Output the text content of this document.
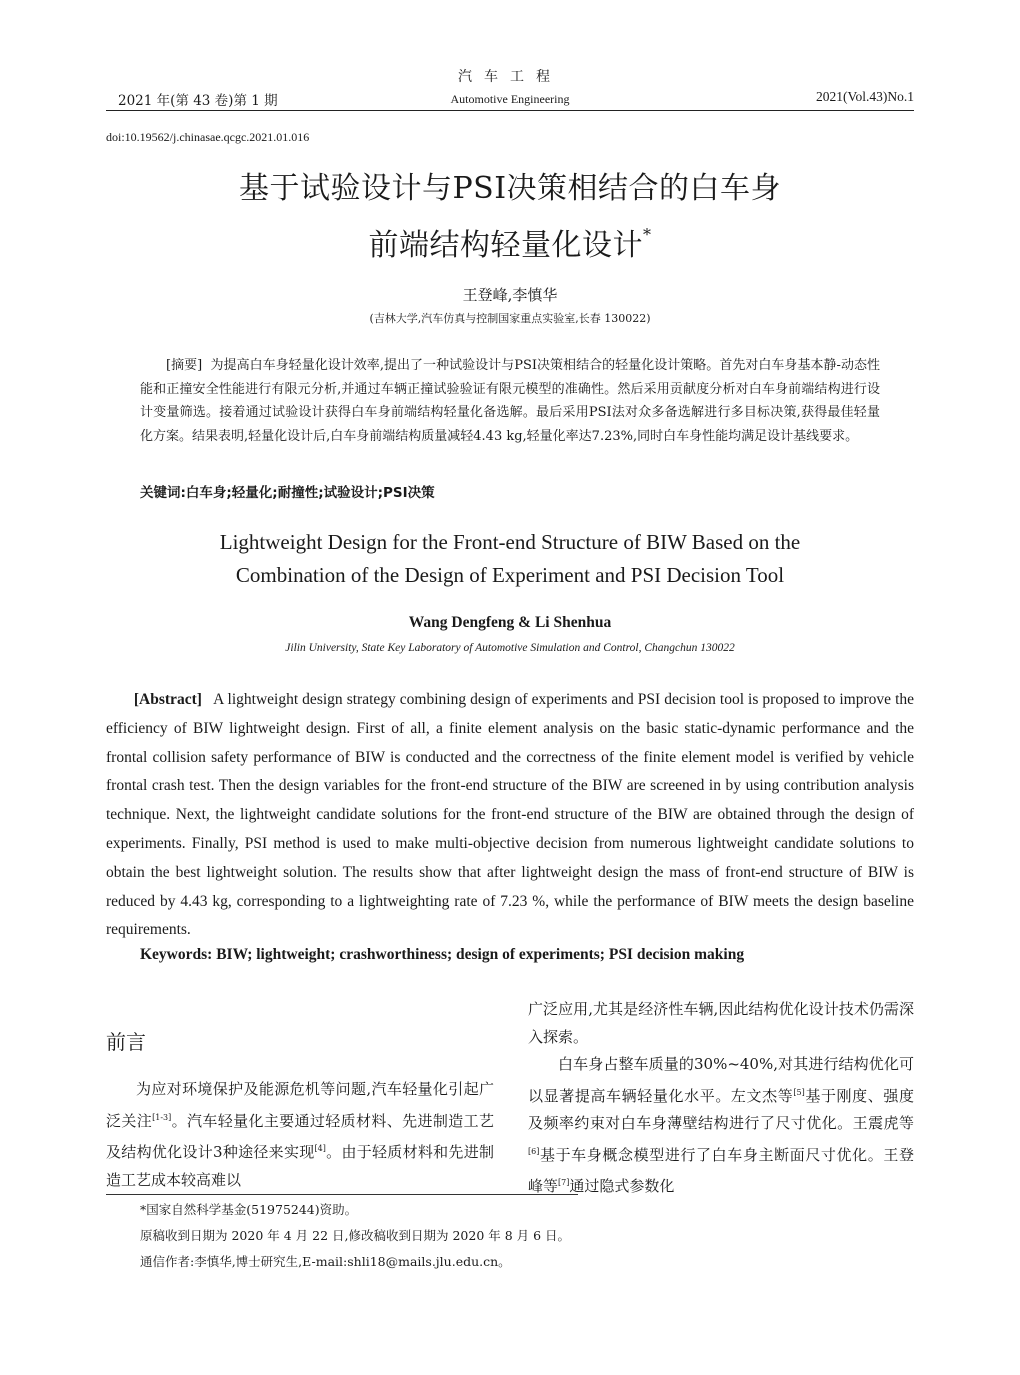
汽车工程
2021 年(第 43 卷)第 1 期	Automotive Engineering	2021(Vol.43)No.1
doi:10.19562/j.chinasae.qcgc.2021.01.016
基于试验设计与PSI决策相结合的白车身
前端结构轻量化设计*
王登峰,李慎华
(吉林大学,汽车仿真与控制国家重点实验室,长春 130022)
[摘要] 为提高白车身轻量化设计效率,提出了一种试验设计与PSI决策相结合的轻量化设计策略。首先对白车身基本静-动态性能和正撞安全性能进行有限元分析,并通过车辆正撞试验验证有限元模型的准确性。然后采用贡献度分析对白车身前端结构进行设计变量筛选。接着通过试验设计获得白车身前端结构轻量化备选解。最后采用PSI法对众多备选解进行多目标决策,获得最佳轻量化方案。结果表明,轻量化设计后,白车身前端结构质量减轻4.43 kg,轻量化率达7.23%,同时白车身性能均满足设计基线要求。
关键词:白车身;轻量化;耐撞性;试验设计;PSI决策
Lightweight Design for the Front-end Structure of BIW Based on the
Combination of the Design of Experiment and PSI Decision Tool
Wang Dengfeng & Li Shenhua
Jilin University, State Key Laboratory of Automotive Simulation and Control, Changchun 130022
[Abstract] A lightweight design strategy combining design of experiments and PSI decision tool is proposed to improve the efficiency of BIW lightweight design. First of all, a finite element analysis on the basic static-dynamic performance and the frontal collision safety performance of BIW is conducted and the correctness of the finite element model is verified by vehicle frontal crash test. Then the design variables for the front-end structure of the BIW are screened in by using contribution analysis technique. Next, the lightweight candidate solutions for the front-end structure of the BIW are obtained through the design of experiments. Finally, PSI method is used to make multi-objective decision from numerous lightweight candidate solutions to obtain the best lightweight solution. The results show that after lightweight design the mass of front-end structure of BIW is reduced by 4.43 kg, corresponding to a lightweighting rate of 7.23 %, while the performance of BIW meets the design baseline requirements.
Keywords: BIW; lightweight; crashworthiness; design of experiments; PSI decision making
前言

为应对环境保护及能源危机等问题,汽车轻量化引起广泛关注[1-3]。汽车轻量化主要通过轻质材料、先进制造工艺及结构优化设计3种途径来实现[4]。由于轻质材料和先进制造工艺成本较高难以

广泛应用,尤其是经济性车辆,因此结构优化设计技术仍需深入探索。

白车身占整车质量的30%~40%,对其进行结构优化可以显著提高车辆轻量化水平。左文杰等[5]基于刚度、强度及频率约束对白车身薄壁结构进行了尺寸优化。王震虎等[6]基于车身概念模型进行了白车身主断面尺寸优化。王登峰等[7]通过隐式参数化

*国家自然科学基金(51975244)资助。
原稿收到日期为 2020 年 4 月 22 日,修改稿收到日期为 2020 年 8 月 6 日。
通信作者:李慎华,博士研究生,E-mail:shli18@mails.jlu.edu.cn。
